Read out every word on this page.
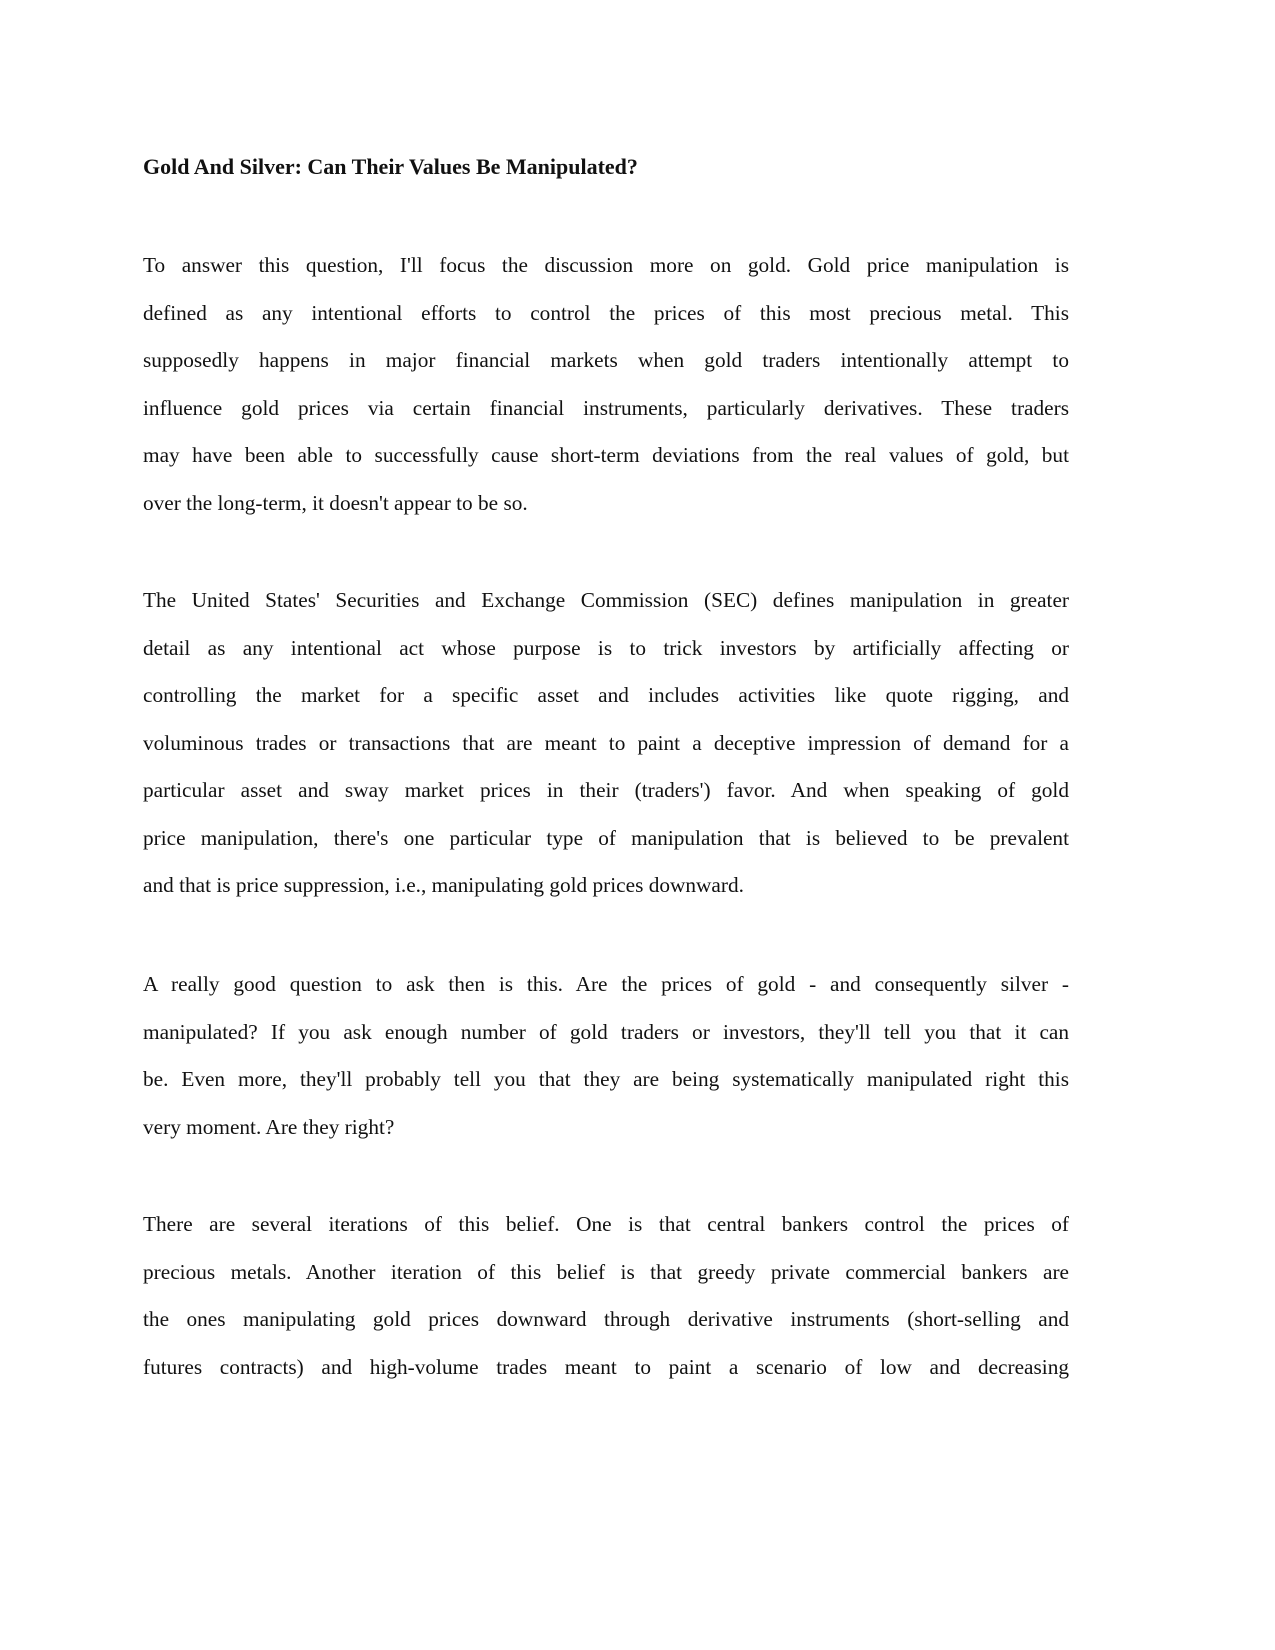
Gold And Silver: Can Their Values Be Manipulated?
To answer this question, I'll focus the discussion more on gold. Gold price manipulation is
defined as any intentional efforts to control the prices of this most precious metal. This
supposedly happens in major financial markets when gold traders intentionally attempt to
influence gold prices via certain financial instruments, particularly derivatives. These traders
may have been able to successfully cause short-term deviations from the real values of gold, but
over the long-term, it doesn't appear to be so.
The United States' Securities and Exchange Commission (SEC) defines manipulation in greater
detail as any intentional act whose purpose is to trick investors by artificially affecting or
controlling the market for a specific asset and includes activities like quote rigging, and
voluminous trades or transactions that are meant to paint a deceptive impression of demand for a
particular asset and sway market prices in their (traders') favor. And when speaking of gold
price manipulation, there's one particular type of manipulation that is believed to be prevalent
and that is price suppression, i.e., manipulating gold prices downward.
A really good question to ask then is this. Are the prices of gold - and consequently silver -
manipulated? If you ask enough number of gold traders or investors, they'll tell you that it can
be. Even more, they'll probably tell you that they are being systematically manipulated right this
very moment. Are they right?
There are several iterations of this belief. One is that central bankers control the prices of
precious metals. Another iteration of this belief is that greedy private commercial bankers are
the ones manipulating gold prices downward through derivative instruments (short-selling and
futures contracts) and high-volume trades meant to paint a scenario of low and decreasing
